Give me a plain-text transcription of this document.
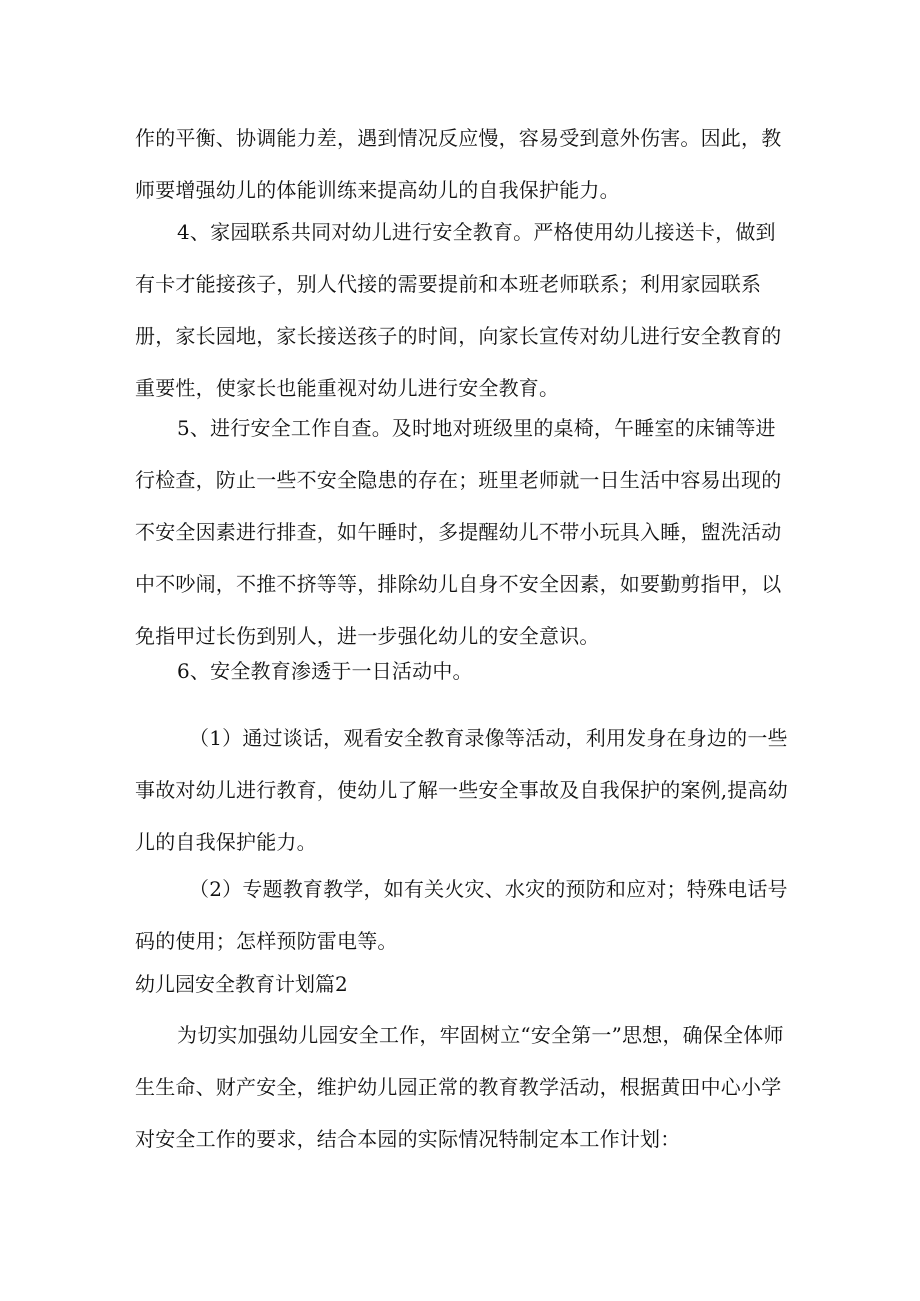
作的平衡、协调能力差，遇到情况反应慢，容易受到意外伤害。因此，教师要增强幼儿的体能训练来提高幼儿的自我保护能力。

4、家园联系共同对幼儿进行安全教育。严格使用幼儿接送卡，做到有卡才能接孩子，别人代接的需要提前和本班老师联系；利用家园联系册，家长园地，家长接送孩子的时间，向家长宣传对幼儿进行安全教育的重要性，使家长也能重视对幼儿进行安全教育。

5、进行安全工作自查。及时地对班级里的桌椅，午睡室的床铺等进行检查，防止一些不安全隐患的存在；班里老师就一日生活中容易出现的不安全因素进行排查，如午睡时，多提醒幼儿不带小玩具入睡，盥洗活动中不吵闹，不推不挤等等，排除幼儿自身不安全因素，如要勤剪指甲，以免指甲过长伤到别人，进一步强化幼儿的安全意识。

6、安全教育渗透于一日活动中。

（1）通过谈话，观看安全教育录像等活动，利用发身在身边的一些事故对幼儿进行教育，使幼儿了解一些安全事故及自我保护的案例,提高幼儿的自我保护能力。

（2）专题教育教学，如有关火灾、水灾的预防和应对；特殊电话号码的使用；怎样预防雷电等。

幼儿园安全教育计划篇2

为切实加强幼儿园安全工作，牢固树立“安全第一”思想，确保全体师生生命、财产安全，维护幼儿园正常的教育教学活动，根据黄田中心小学对安全工作的要求，结合本园的实际情况特制定本工作计划：
